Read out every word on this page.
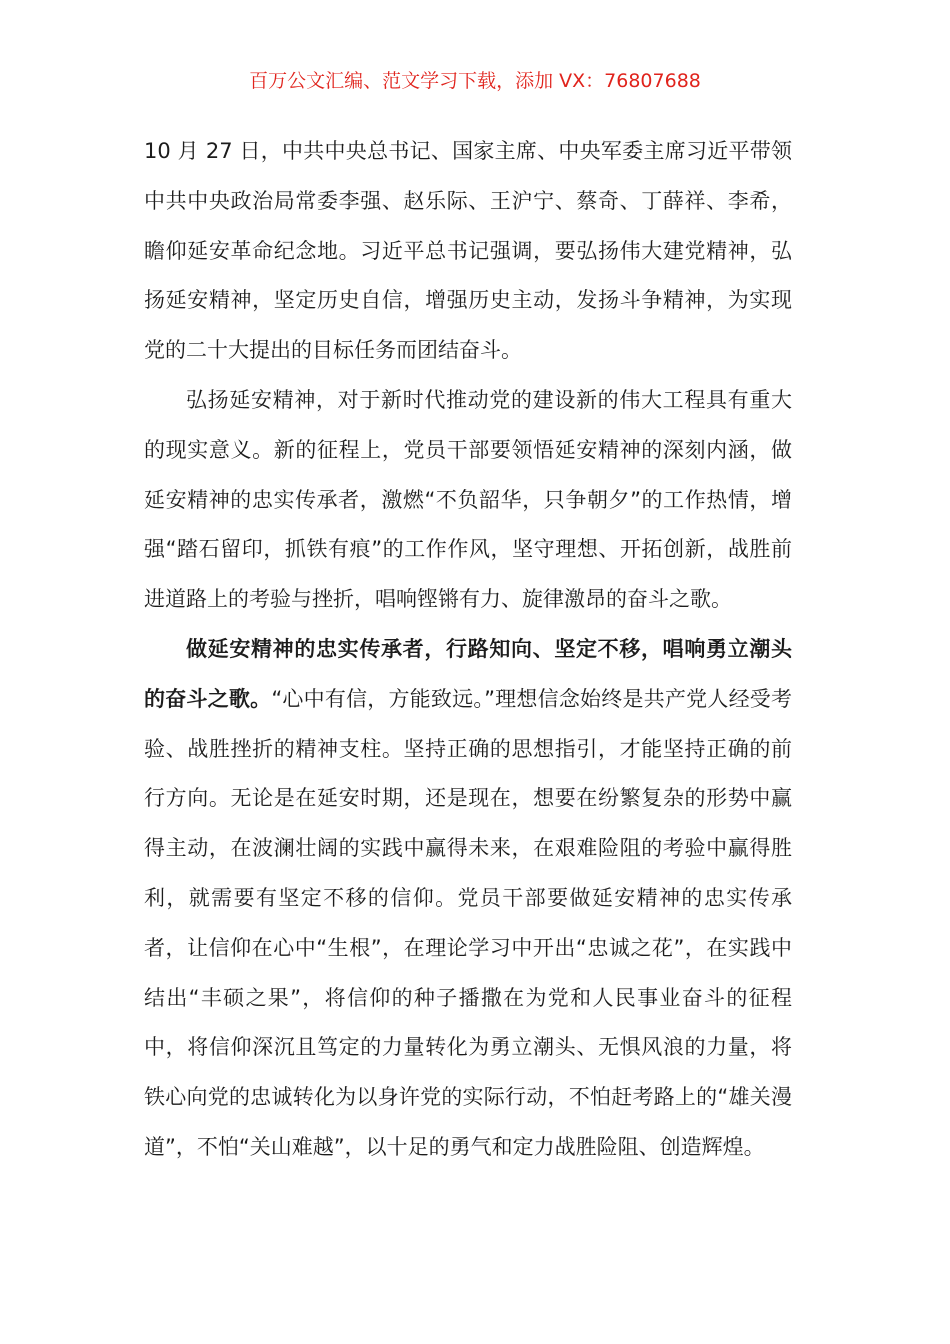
百万公文汇编、范文学习下载，添加 VX：76807688

10 月 27 日，中共中央总书记、国家主席、中央军委主席习近平带领中共中央政治局常委李强、赵乐际、王沪宁、蔡奇、丁薛祥、李希，瞻仰延安革命纪念地。习近平总书记强调，要弘扬伟大建党精神，弘扬延安精神，坚定历史自信，增强历史主动，发扬斗争精神，为实现党的二十大提出的目标任务而团结奋斗。

弘扬延安精神，对于新时代推动党的建设新的伟大工程具有重大的现实意义。新的征程上，党员干部要领悟延安精神的深刻内涵，做延安精神的忠实传承者，激燃“不负韶华，只争朝夕”的工作热情，增强“踏石留印，抓铁有痕”的工作作风，坚守理想、开拓创新，战胜前进道路上的考验与挫折，唱响铿锵有力、旋律激昂的奋斗之歌。

做延安精神的忠实传承者，行路知向、坚定不移，唱响勇立潮头的奋斗之歌。“心中有信，方能致远。”理想信念始终是共产党人经受考验、战胜挫折的精神支柱。坚持正确的思想指引，才能坚持正确的前行方向。无论是在延安时期，还是现在，想要在纷繁复杂的形势中赢得主动，在波澜壮阔的实践中赢得未来，在艰难险阻的考验中赢得胜利，就需要有坚定不移的信仰。党员干部要做延安精神的忠实传承者，让信仰在心中“生根”，在理论学习中开出“忠诚之花”，在实践中结出“丰硕之果”，将信仰的种子播撒在为党和人民事业奋斗的征程中，将信仰深沉且笃定的力量转化为勇立潮头、无惧风浪的力量，将铁心向党的忠诚转化为以身许党的实际行动，不怕赶考路上的“雄关漫道”，不怕“关山难越”，以十足的勇气和定力战胜险阻、创造辉煌。
